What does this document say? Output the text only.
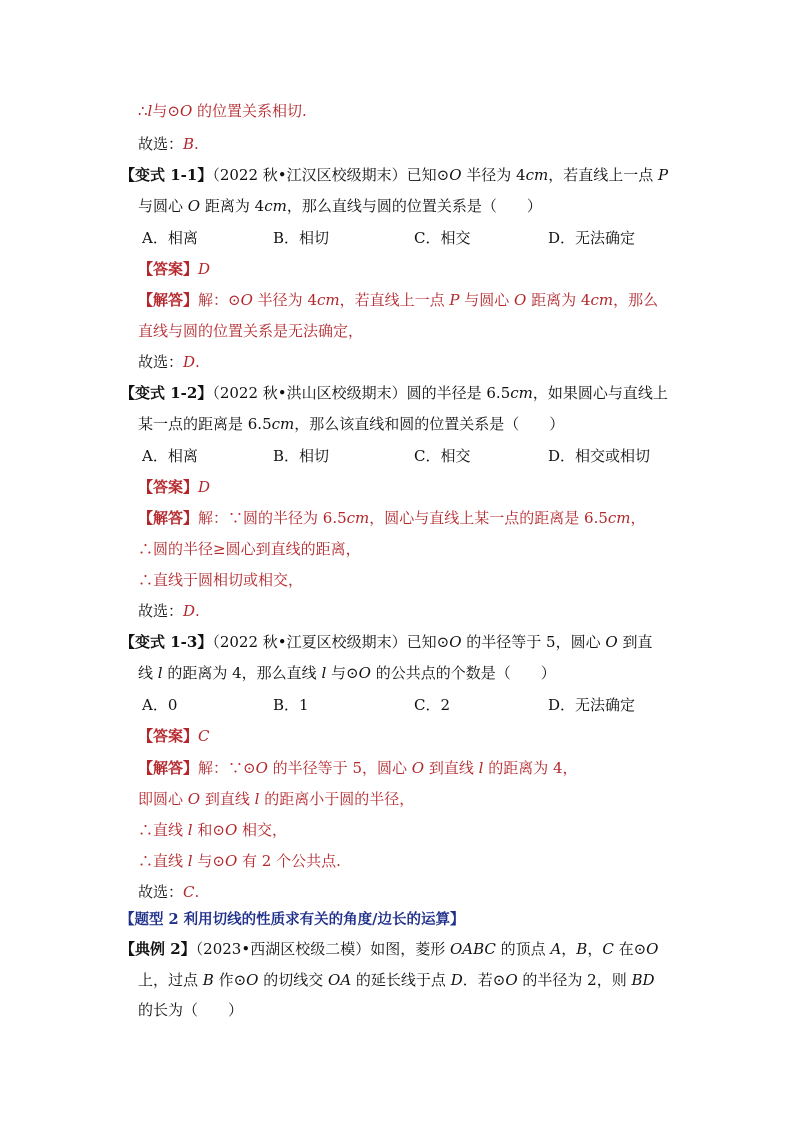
∴l与⊙O 的位置关系相切.
故选：B.
【变式 1-1】（2022 秋•江汉区校级期末）已知⊙O 半径为 4cm，若直线上一点 P
与圆心 O 距离为 4cm，那么直线与圆的位置关系是（　　）
A．相离	B．相切	C．相交	D．无法确定
【答案】D
【解答】解：⊙O 半径为 4cm，若直线上一点 P 与圆心 O 距离为 4cm，那么
直线与圆的位置关系是无法确定，
故选：D.
【变式 1-2】（2022 秋•洪山区校级期末）圆的半径是 6.5cm，如果圆心与直线上
某一点的距离是 6.5cm，那么该直线和圆的位置关系是（　　）
A．相离	B．相切	C．相交	D．相交或相切
【答案】D
【解答】解：∵圆的半径为 6.5cm，圆心与直线上某一点的距离是 6.5cm，
∴圆的半径≥圆心到直线的距离，
∴直线于圆相切或相交，
故选：D.
【变式 1-3】（2022 秋•江夏区校级期末）已知⊙O 的半径等于 5，圆心 O 到直
线 l 的距离为 4，那么直线 l 与⊙O 的公共点的个数是（　　）
A．0	B．1	C．2	D．无法确定
【答案】C
【解答】解：∵⊙O 的半径等于 5，圆心 O 到直线 l 的距离为 4，
即圆心 O 到直线 l 的距离小于圆的半径，
∴直线 l 和⊙O 相交，
∴直线 l 与⊙O 有 2 个公共点.
故选：C.
【题型 2 利用切线的性质求有关的角度/边长的运算】
【典例 2】（2023•西湖区校级二模）如图，菱形 OABC 的顶点 A，B，C 在⊙O
上，过点 B 作⊙O 的切线交 OA 的延长线于点 D．若⊙O 的半径为 2，则 BD
的长为（　　）
